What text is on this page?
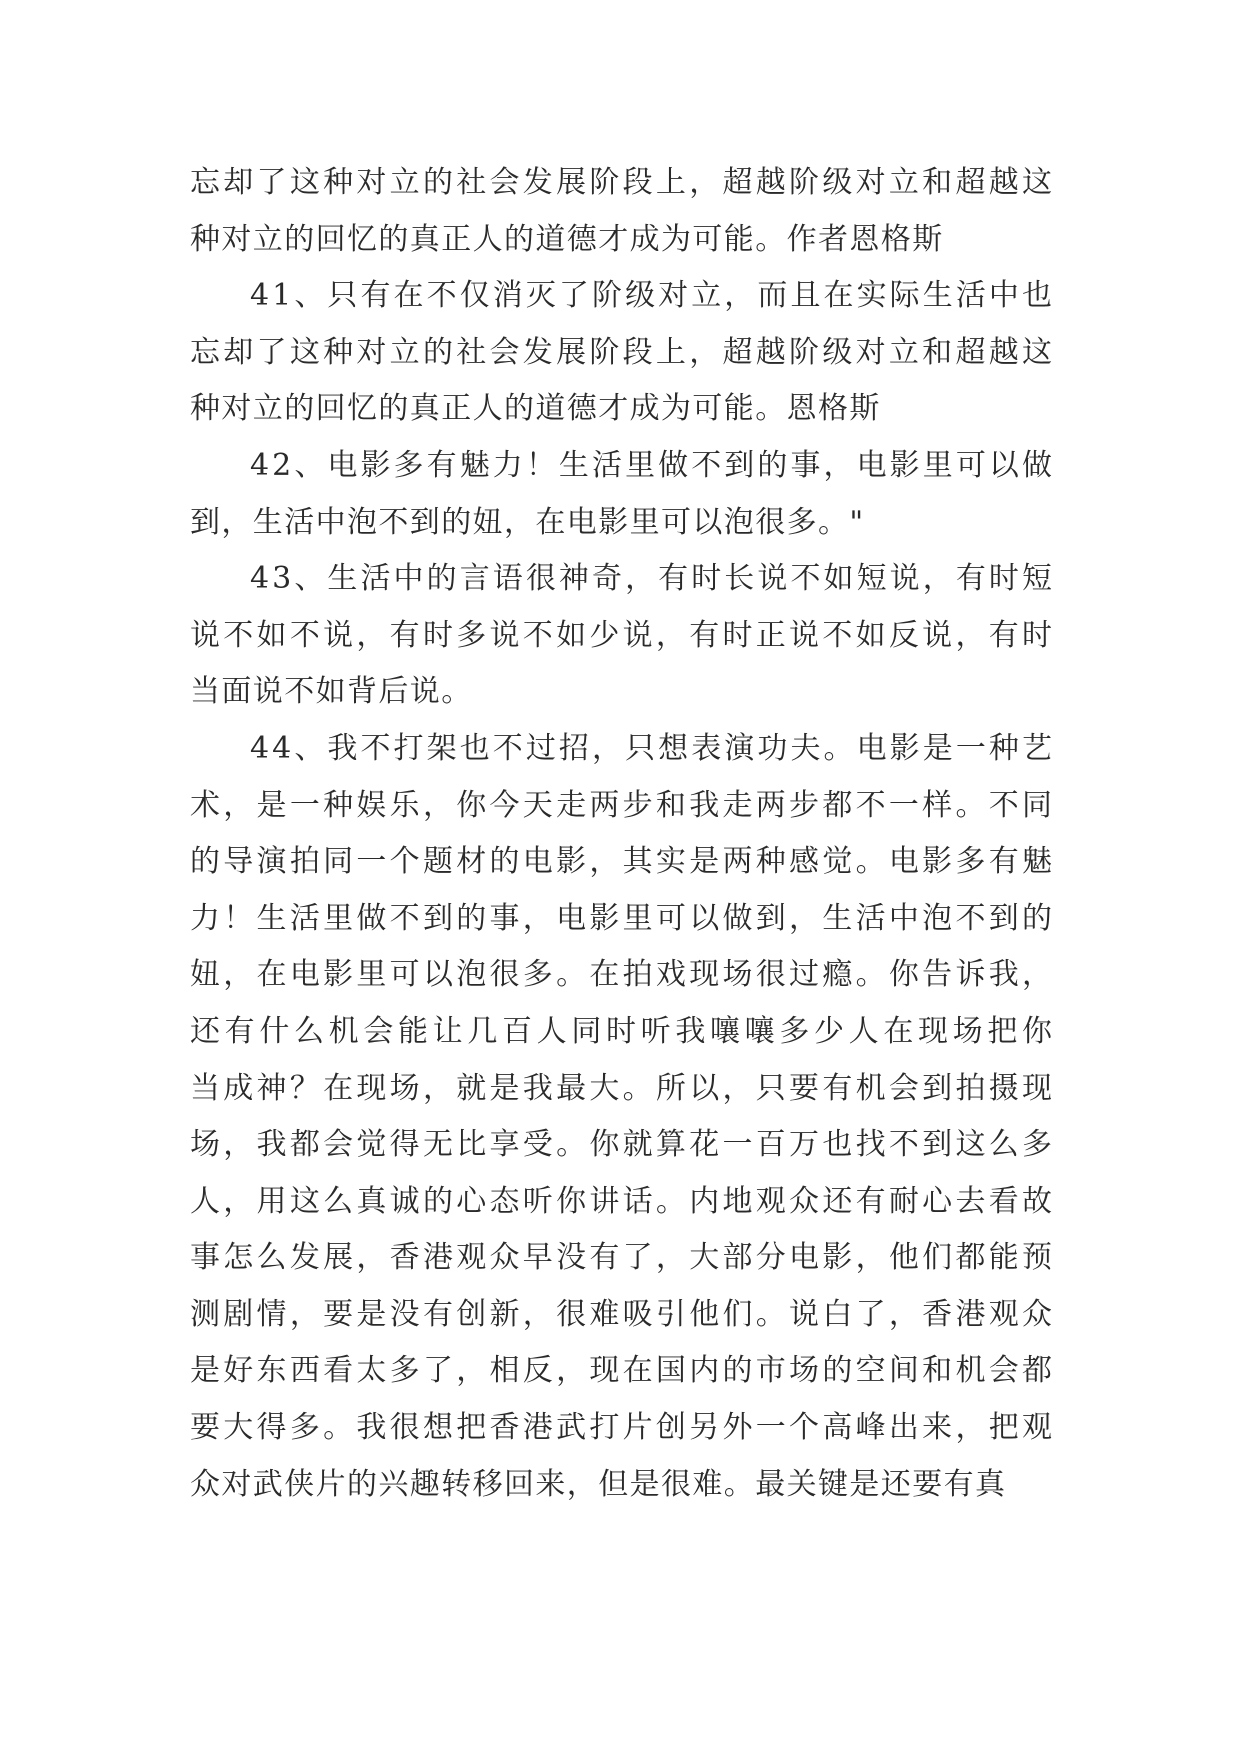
忘却了这种对立的社会发展阶段上，超越阶级对立和超越这
种对立的回忆的真正人的道德才成为可能。作者恩格斯
41、只有在不仅消灭了阶级对立，而且在实际生活中也
忘却了这种对立的社会发展阶段上，超越阶级对立和超越这
种对立的回忆的真正人的道德才成为可能。恩格斯
42、电影多有魅力！生活里做不到的事，电影里可以做
到，生活中泡不到的妞，在电影里可以泡很多。"
43、生活中的言语很神奇，有时长说不如短说，有时短
说不如不说，有时多说不如少说，有时正说不如反说，有时
当面说不如背后说。
44、我不打架也不过招，只想表演功夫。电影是一种艺
术，是一种娱乐，你今天走两步和我走两步都不一样。不同
的导演拍同一个题材的电影，其实是两种感觉。电影多有魅
力！生活里做不到的事，电影里可以做到，生活中泡不到的
妞，在电影里可以泡很多。在拍戏现场很过瘾。你告诉我，
还有什么机会能让几百人同时听我嚷嚷多少人在现场把你
当成神？在现场，就是我最大。所以，只要有机会到拍摄现
场，我都会觉得无比享受。你就算花一百万也找不到这么多
人，用这么真诚的心态听你讲话。内地观众还有耐心去看故
事怎么发展，香港观众早没有了，大部分电影，他们都能预
测剧情，要是没有创新，很难吸引他们。说白了，香港观众
是好东西看太多了，相反，现在国内的市场的空间和机会都
要大得多。我很想把香港武打片创另外一个高峰出来，把观
众对武侠片的兴趣转移回来，但是很难。最关键是还要有真
